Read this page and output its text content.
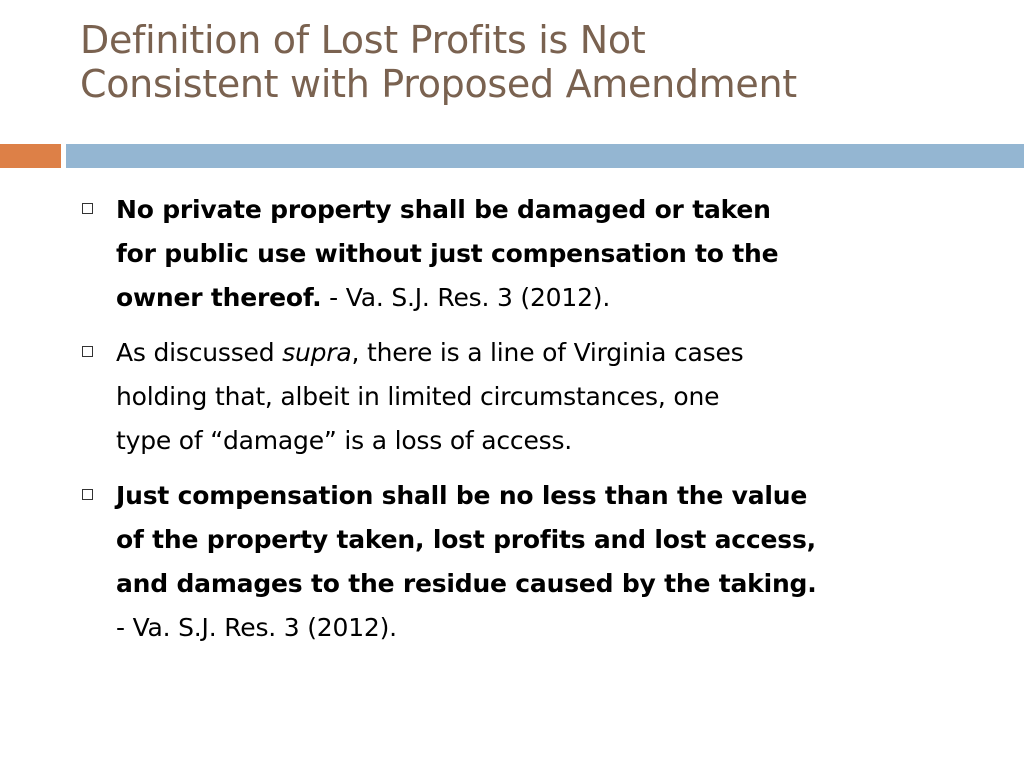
Definition of Lost Profits is Not
Consistent with Proposed Amendment
No private property shall be damaged or taken
for public use without just compensation to the
owner thereof. - Va. S.J. Res. 3 (2012).
As discussed supra, there is a line of Virginia cases
holding that, albeit in limited circumstances, one
type of “damage” is a loss of access.
Just compensation shall be no less than the value
of the property taken, lost profits and lost access,
and damages to the residue caused by the taking.
- Va. S.J. Res. 3 (2012).
